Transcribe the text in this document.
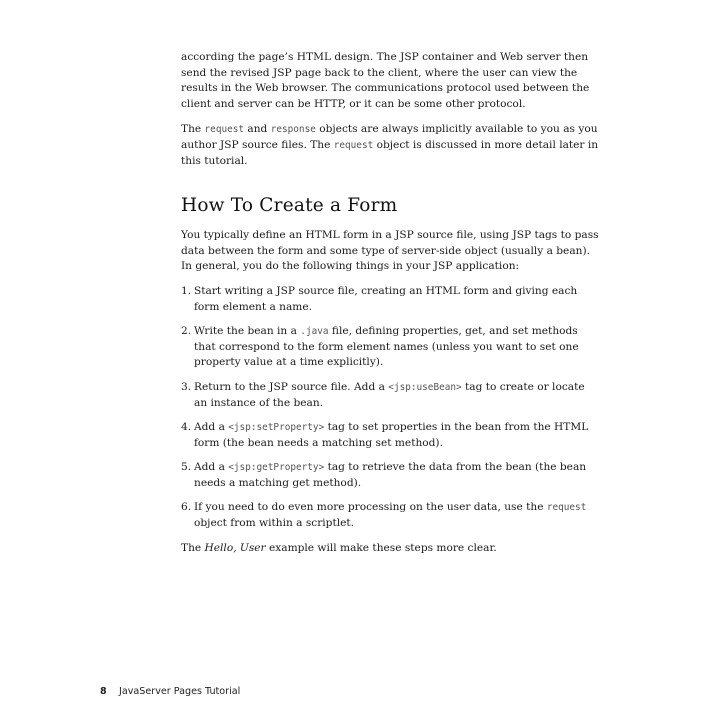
according the page’s HTML design. The JSP container and Web server then send the revised JSP page back to the client, where the user can view the results in the Web browser. The communications protocol used between the client and server can be HTTP, or it can be some other protocol.

The request and response objects are always implicitly available to you as you author JSP source files. The request object is discussed in more detail later in this tutorial.

How To Create a Form

You typically define an HTML form in a JSP source file, using JSP tags to pass data between the form and some type of server-side object (usually a bean). In general, you do the following things in your JSP application:

1. Start writing a JSP source file, creating an HTML form and giving each form element a name.
2. Write the bean in a .java file, defining properties, get, and set methods that correspond to the form element names (unless you want to set one property value at a time explicitly).
3. Return to the JSP source file. Add a <jsp:useBean> tag to create or locate an instance of the bean.
4. Add a <jsp:setProperty> tag to set properties in the bean from the HTML form (the bean needs a matching set method).
5. Add a <jsp:getProperty> tag to retrieve the data from the bean (the bean needs a matching get method).
6. If you need to do even more processing on the user data, use the request object from within a scriptlet.

The Hello, User example will make these steps more clear.

8 JavaServer Pages Tutorial
